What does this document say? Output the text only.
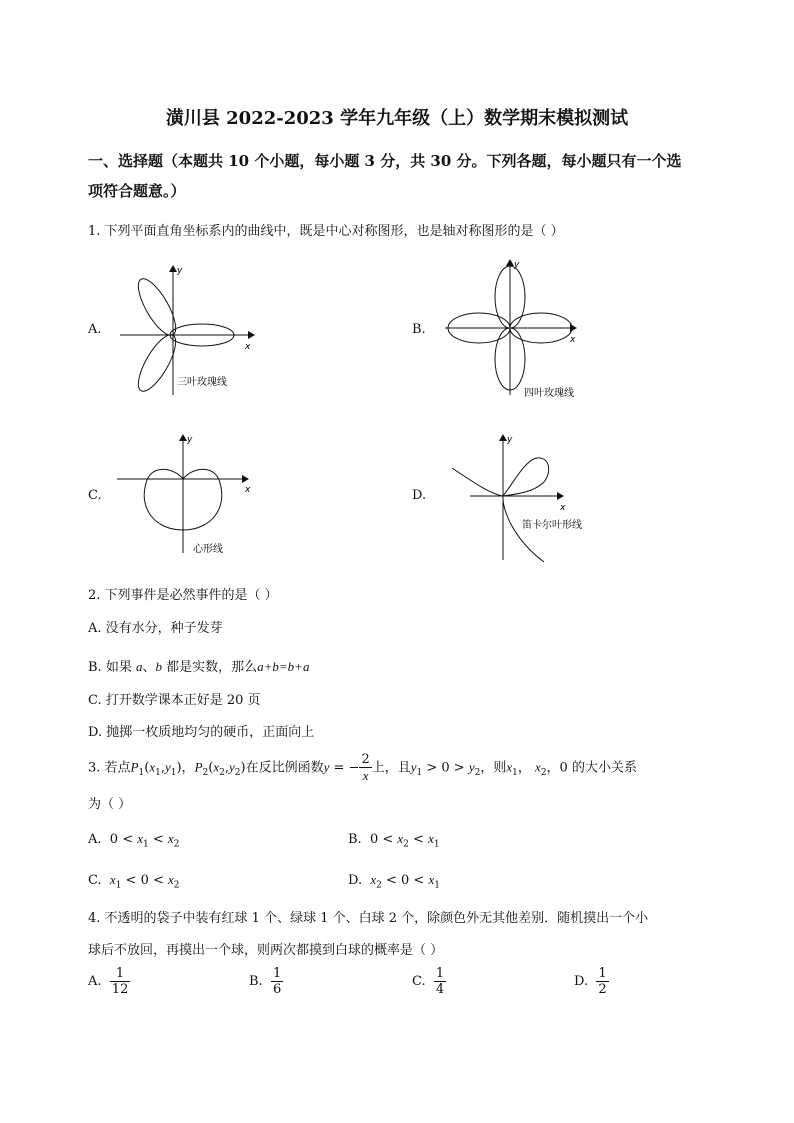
潢川县 2022-2023 学年九年级（上）数学期末模拟测试
一、选择题（本题共 10 个小题，每小题 3 分，共 30 分。下列各题，每小题只有一个选
项符合题意。）
1. 下列平面直角坐标系内的曲线中，既是中心对称图形，也是轴对称图形的是（ ）
A.
x
y
三叶玫瑰线
B.
x
y
四叶玫瑰线
C.	x
y
心形线
D.
x
y
笛卡尔叶形线
2. 下列事件是必然事件的是（ ）
A. 没有水分，种子发芽
B. 如果 a、b 都是实数，那么a+b=b+a
C. 打开数学课本正好是 20 页
D. 抛掷一枚质地均匀的硬币，正面向上
3. 若点$P_1(x_1,y_1)$，$P_2(x_2,y_2)$在反比例函数y = − $\frac{2}{x}$ 上，且$y_1 > 0 > y_2$，则$x_1$， $x_2$，0 的大小关系
为（ ）
A.  $0 < x_1 < x_2$	B.  $0 < x_2 < x_1$
C. $x_1 < 0 < x_2$	D. $x_2 < 0 < x_1$
4. 不透明的袋子中装有红球 1 个、绿球 1 个、白球 2 个，除颜色外无其他差别．随机摸出一个小
球后不放回，再摸出一个球，则两次都摸到白球的概率是（ ）
A. $\frac{1}{12}$	B. $\frac{1}{6}$	C. $\frac{1}{4}$	D. $\frac{1}{2}$
